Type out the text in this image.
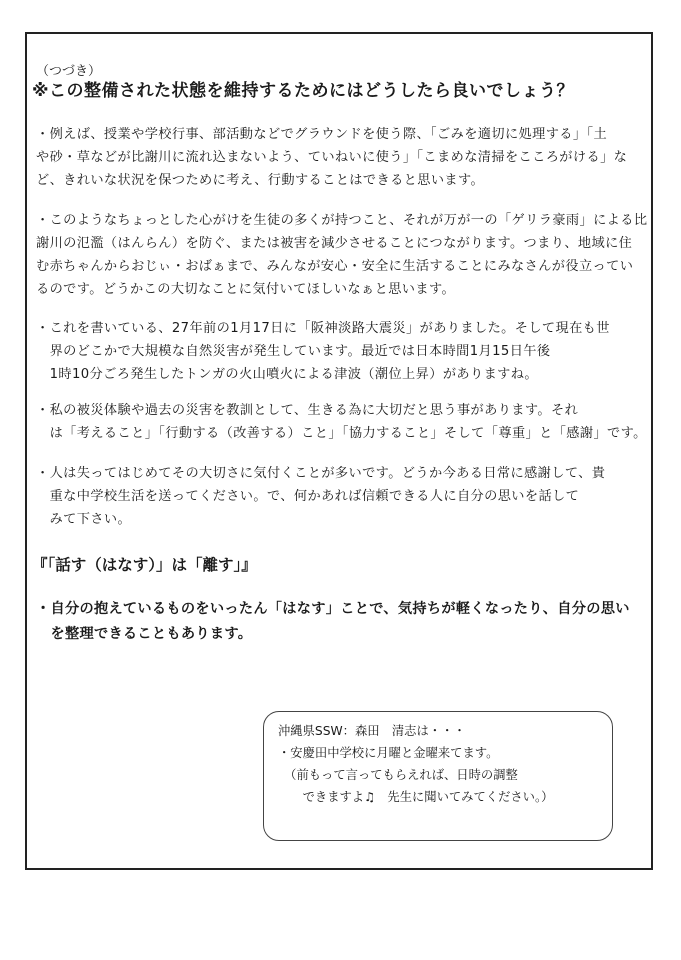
（つづき）

※この整備された状態を維持するためにはどうしたら良いでしょう？
・例えば、授業や学校行事、部活動などでグラウンドを使う際、「ごみを適切に処理する」「土
や砂・草などが比謝川に流れ込まないよう、ていねいに使う」「こまめな清掃をこころがける」な
ど、きれいな状況を保つために考え、行動することはできると思います。
・このようなちょっとした心がけを生徒の多くが持つこと、それが万が一の「ゲリラ豪雨」による比
謝川の氾濫（はんらん）を防ぐ、または被害を減少させることにつながります。つまり、地域に住
む赤ちゃんからおじぃ・おばぁまで、みんなが安心・安全に生活することにみなさんが役立ってい
るのです。どうかこの大切なことに気付いてほしいなぁと思います。
・これを書いている、27年前の1月17日に「阪神淡路大震災」がありました。そして現在も世
　界のどこかで大規模な自然災害が発生しています。最近では日本時間1月15日午後
　1時10分ごろ発生したトンガの火山噴火による津波（潮位上昇）がありますね。
・私の被災体験や過去の災害を教訓として、生きる為に大切だと思う事があります。それ
　は「考えること」「行動する（改善する）こと」「協力すること」そして「尊重」と「感謝」です。
・人は失ってはじめてその大切さに気付くことが多いです。どうか今ある日常に感謝して、貴
　重な中学校生活を送ってください。で、何かあれば信頼できる人に自分の思いを話して
　みて下さい。
『「話す（はなす）」は「離す」』
・自分の抱えているものをいったん「はなす」ことで、気持ちが軽くなったり、自分の思い
　を整理できることもあります。
沖縄県SSW：森田　清志は・・・
・安慶田中学校に月曜と金曜来てます。
　（前もって言ってもらえれば、日時の調整
　　できますよ♫　先生に聞いてみてください。）
